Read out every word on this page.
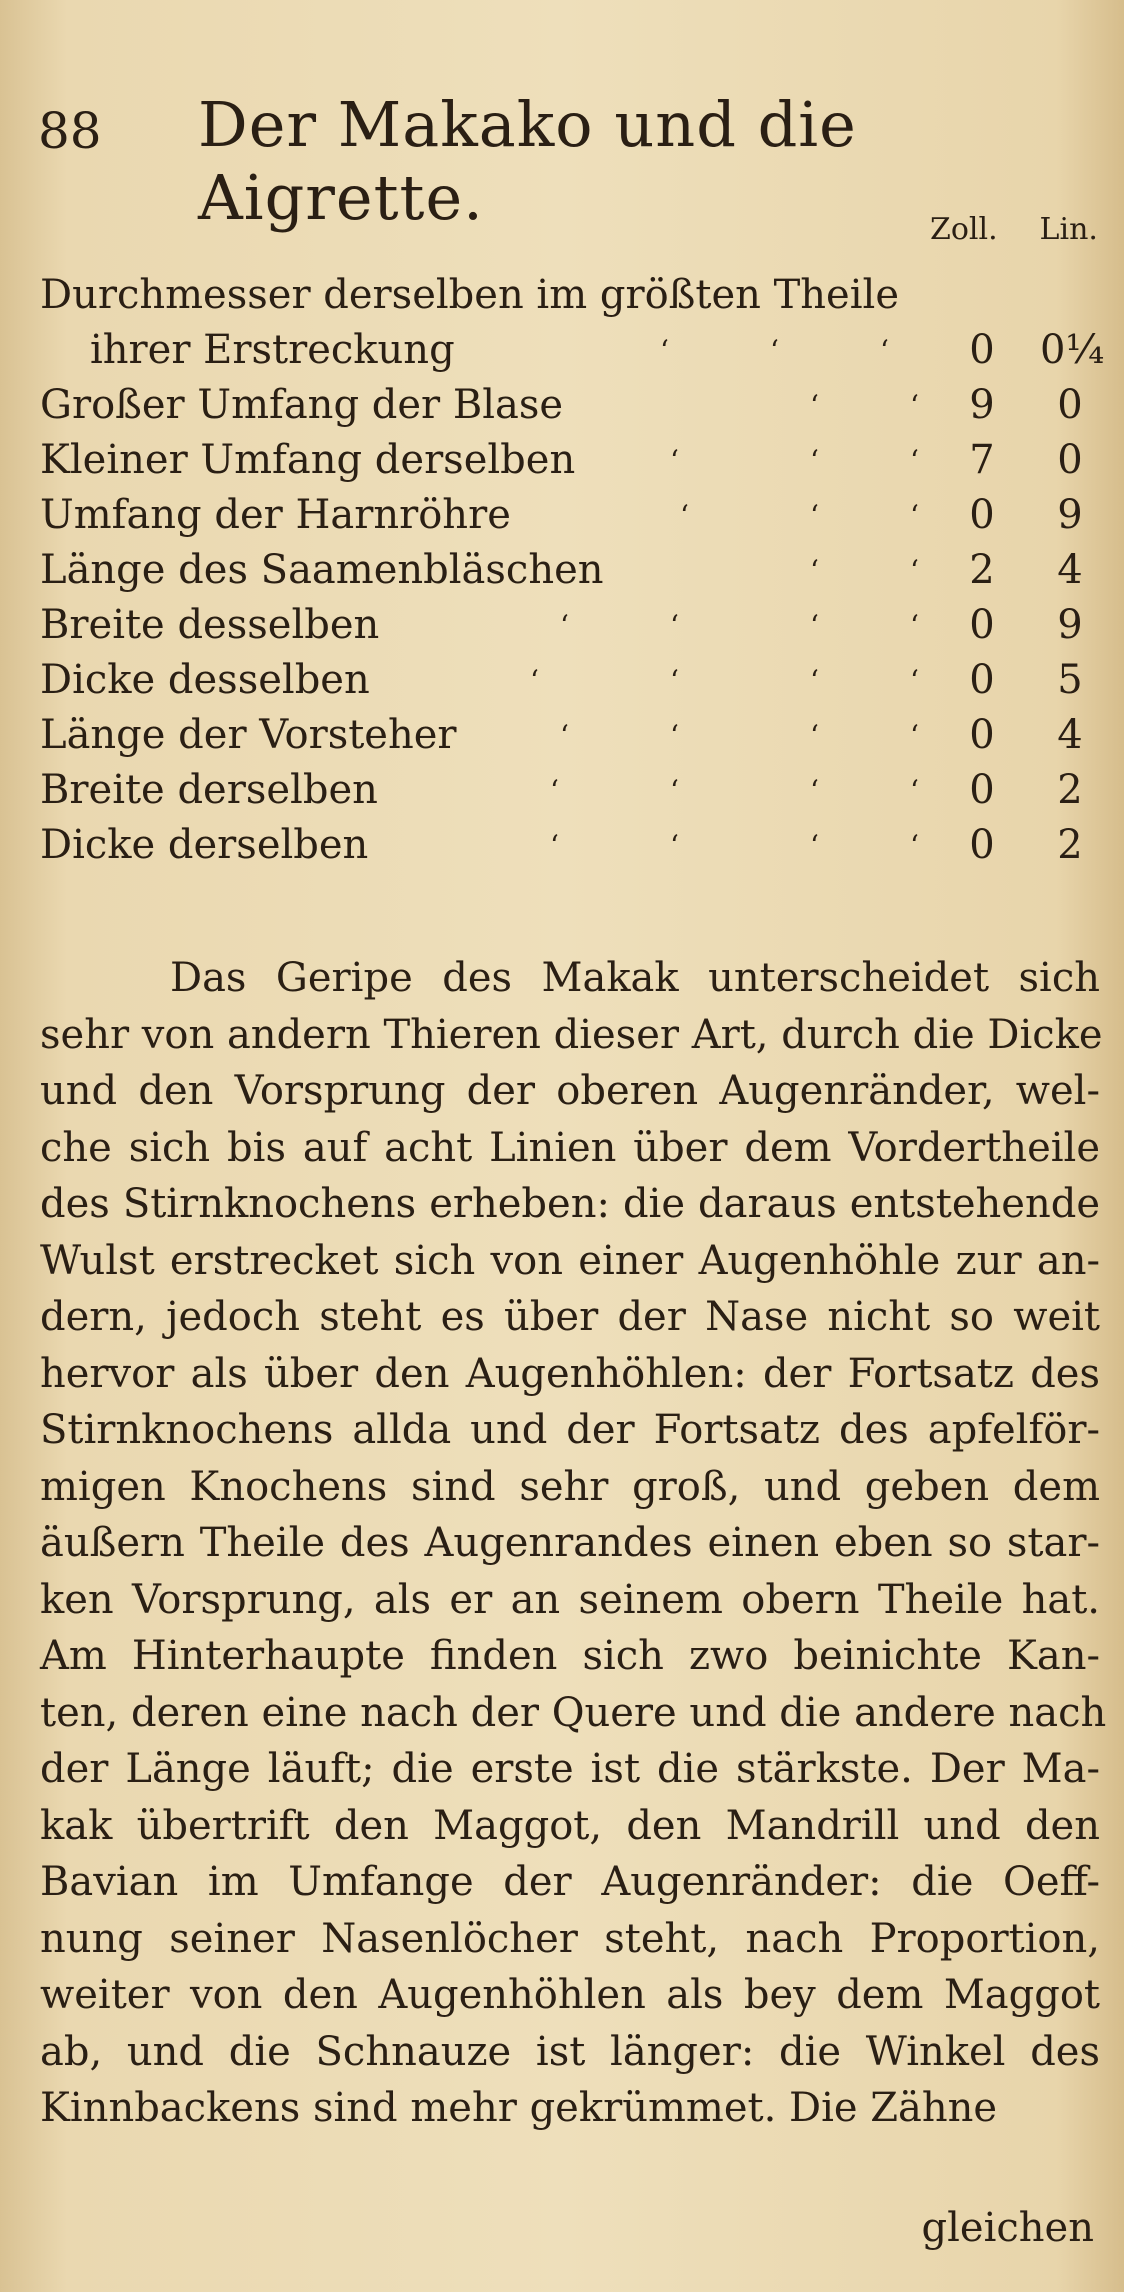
88 Der Makako und die Aigrette.	Zoll. Lin.
Durchmesser derselben im größten Theile
ihrer Erstreckung	ʻ	ʻ	ʻ 0 0¼
Großer Umfang der Blase	ʻ	ʻ 9	0
Kleiner Umfang derselben	ʻ	ʻ	ʻ 7	0
Umfang der Harnröhre	ʻ	ʻ	ʻ 0	9
Länge des Saamenbläschen	ʻ	ʻ 2	4
Breite desselben	ʻ	ʻ	ʻ	ʻ 0	9
Dicke desselben	ʻ	ʻ	ʻ	ʻ 0	5
Länge der Vorsteher	ʻ	ʻ	ʻ	ʻ 0	4
Breite derselben	ʻ	ʻ	ʻ	ʻ 0	2
Dicke derselben	ʻ	ʻ	ʻ	ʻ 0	2
Das Geripe des Makak unterscheidet sich
sehr von andern Thieren dieser Art, durch die Dicke
und den Vorsprung der oberen Augenränder, wel-
che sich bis auf acht Linien über dem Vordertheile
des Stirnknochens erheben: die daraus entstehende
Wulst erstrecket sich von einer Augenhöhle zur an-
dern, jedoch steht es über der Nase nicht so weit
hervor als über den Augenhöhlen: der Fortsatz des
Stirnknochens allda und der Fortsatz des apfelför-
migen Knochens sind sehr groß, und geben dem
äußern Theile des Augenrandes einen eben so star-
ken Vorsprung, als er an seinem obern Theile hat.
Am Hinterhaupte finden sich zwo beinichte Kan-
ten, deren eine nach der Quere und die andere nach
der Länge läuft; die erste ist die stärkste. Der Ma-
kak übertrift den Maggot, den Mandrill und den
Bavian im Umfange der Augenränder: die Oeff-
nung seiner Nasenlöcher steht, nach Proportion,
weiter von den Augenhöhlen als bey dem Maggot
ab, und die Schnauze ist länger: die Winkel des
Kinnbackens sind mehr gekrümmet. Die Zähne
gleichen
